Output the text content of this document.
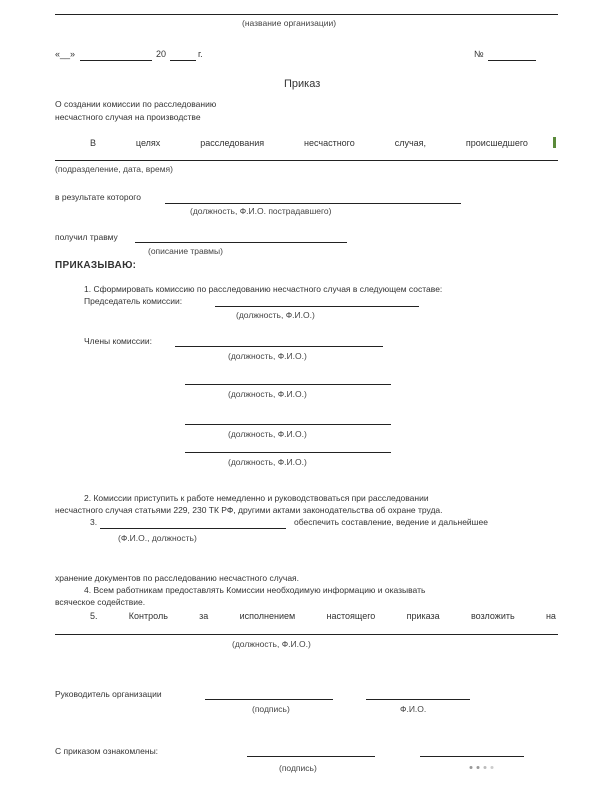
(название организации)
«__»	20	г.	№
Приказ
О создании комиссии по расследованию
несчастного случая на производстве
В	целях	расследования	несчастного	случая,	происшедшего
(подразделение, дата, время)
в результате которого
(должность, Ф.И.О. пострадавшего)
получил травму
(описание травмы)
ПРИКАЗЫВАЮ:
1. Сформировать комиссию по расследованию несчастного случая в следующем составе:
Председатель комиссии:
(должность, Ф.И.О.)
Члены комиссии:
(должность, Ф.И.О.)
(должность, Ф.И.О.)
(должность, Ф.И.О.)
(должность, Ф.И.О.)
2. Комиссии приступить к работе немедленно и руководствоваться при расследовании
несчастного случая статьями 229, 230 ТК РФ, другими актами законодательства об охране труда.
3.	обеспечить составление, ведение и дальнейшее
(Ф.И.О., должность)
хранение документов по расследованию несчастного случая.
4. Всем работникам предоставлять Комиссии необходимую информацию и оказывать
всяческое содействие.
5.	Контроль	за	исполнением	настоящего	приказа	возложить	на
(должность, Ф.И.О.)
Руководитель организации
(подпись)	Ф.И.О.
С приказом ознакомлены:
(подпись)
